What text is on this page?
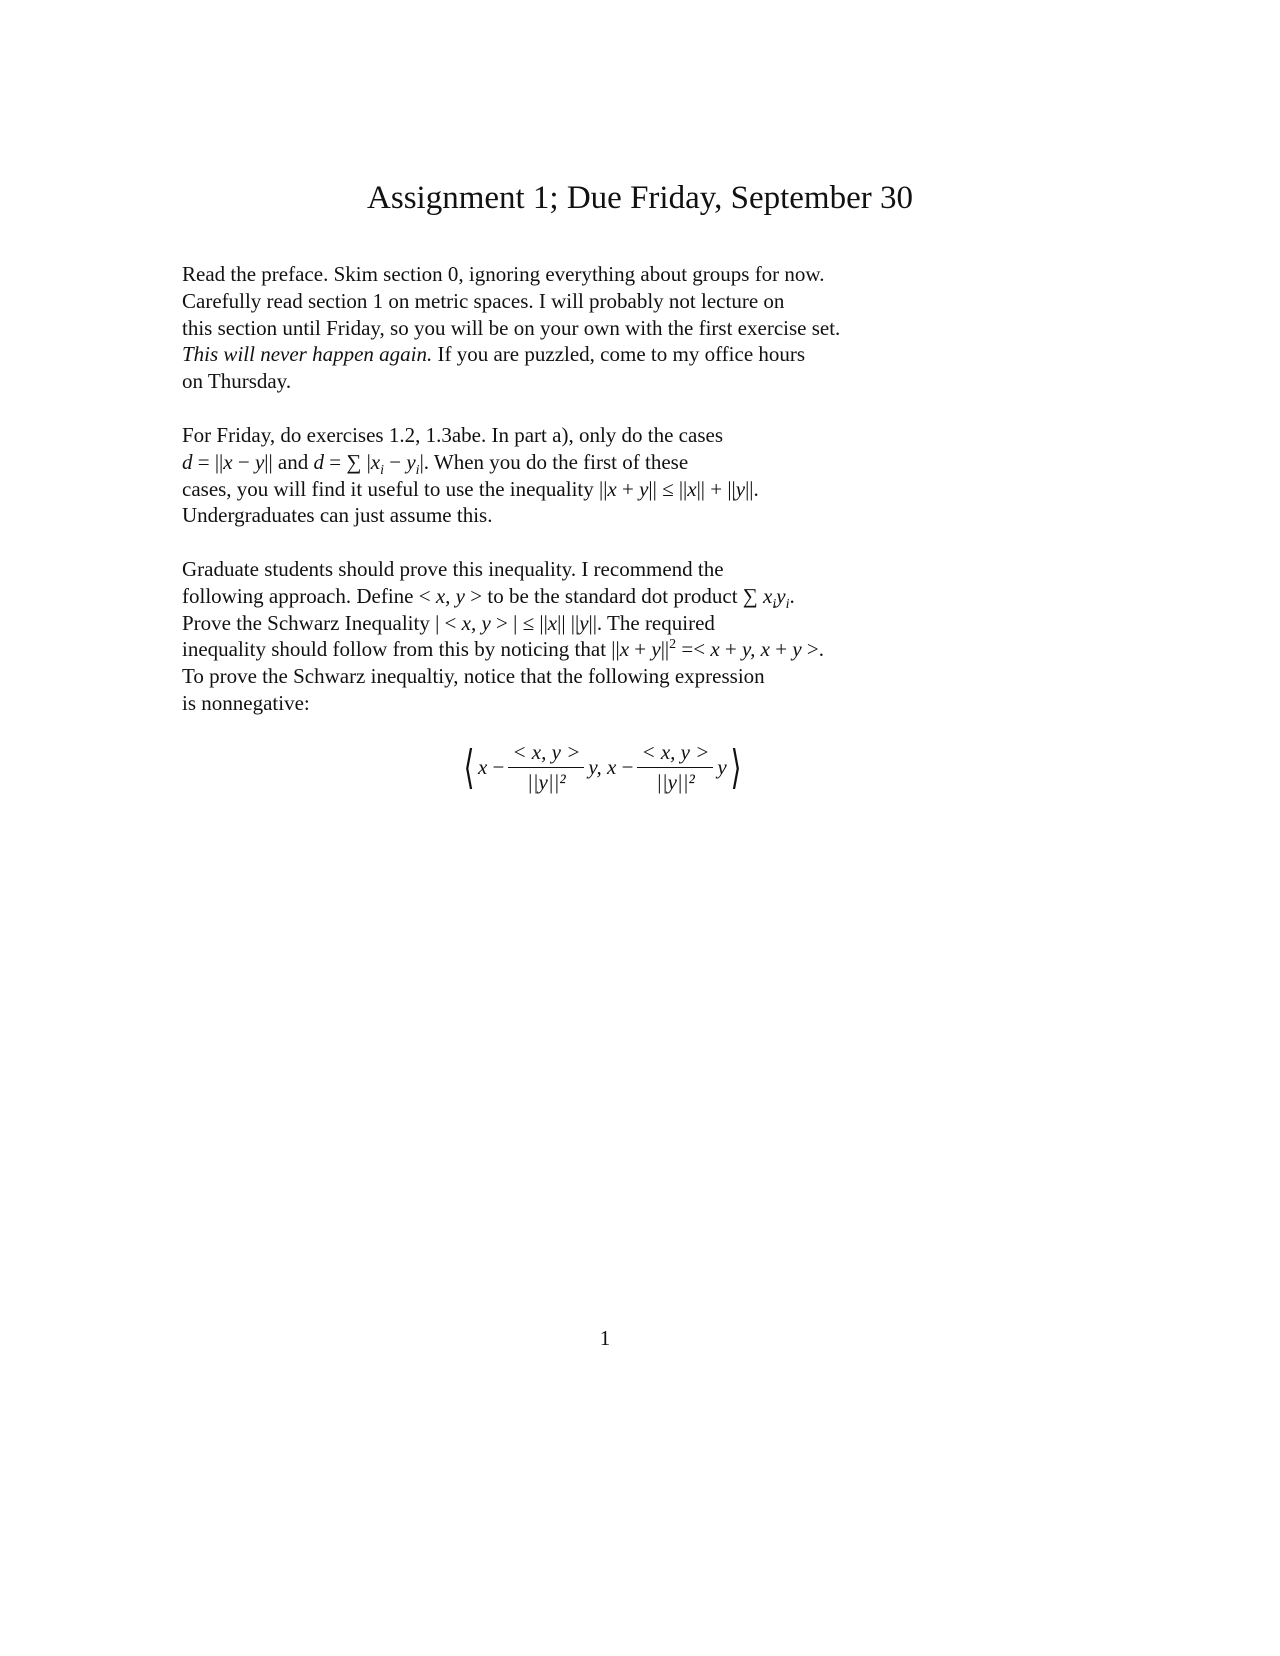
Assignment 1; Due Friday, September 30
Read the preface. Skim section 0, ignoring everything about groups for now.
Carefully read section 1 on metric spaces. I will probably not lecture on
this section until Friday, so you will be on your own with the first exercise set.
This will never happen again. If you are puzzled, come to my office hours
on Thursday.
For Friday, do exercises 1.2, 1.3abe. In part a), only do the cases
d = ||x − y|| and d = ∑ $|x_i - y_i|$. When you do the first of these
cases, you will find it useful to use the inequality ||x + y|| ≤ ||x|| + ||y||.
Undergraduates can just assume this.
Graduate students should prove this inequality. I recommend the
following approach. Define < x, y > to be the standard dot product ∑ $x_iy_i$.
Prove the Schwarz Inequality | < x, y > | ≤ ||x|| ||y||. The required
inequality should follow from this by noticing that $||x + y||^2 =< x + y$, x + y >.
To prove the Schwarz inequaltiy, notice that the following expression
is nonnegative:
⟨ x
− $\frac{< x, y >}{\text{||y||²}} y$, x
− $\frac{< x, y >}{\text{||y||²}}$ y ⟩
1
